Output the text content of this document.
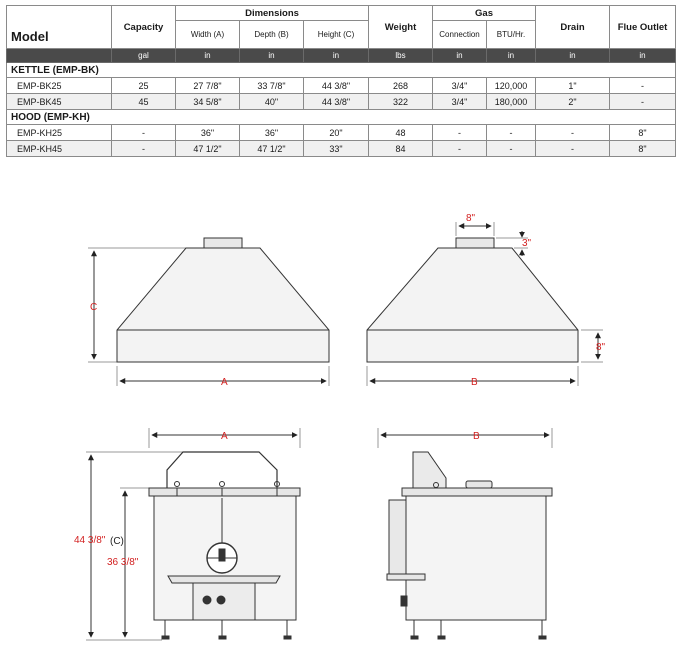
Model	Capacity	Dimensions			Weight	Gas		Drain	Flue Outlet
		Width (A)	Depth (B)	Height (C)		Connection	BTU/Hr.		
	gal	in	in	in	lbs	in	in	in	in
KETTLE (EMP-BK)									
EMP-BK25	25	27 7/8"	33 7/8"	44 3/8"	268	3/4"	120,000	1"	-
EMP-BK45	45	34 5/8"	40"	44 3/8"	322	3/4"	180,000	2"	-
HOOD (EMP-KH)									
EMP-KH25	-	36"	36"	20"	48	-	-	-	8"
EMP-KH45	-	47 1/2"	47 1/2"	33"	84	-	-	-	8"
C
A
8"
3"
8"
B
A
44 3/8" (C)
36 3/8"
B
